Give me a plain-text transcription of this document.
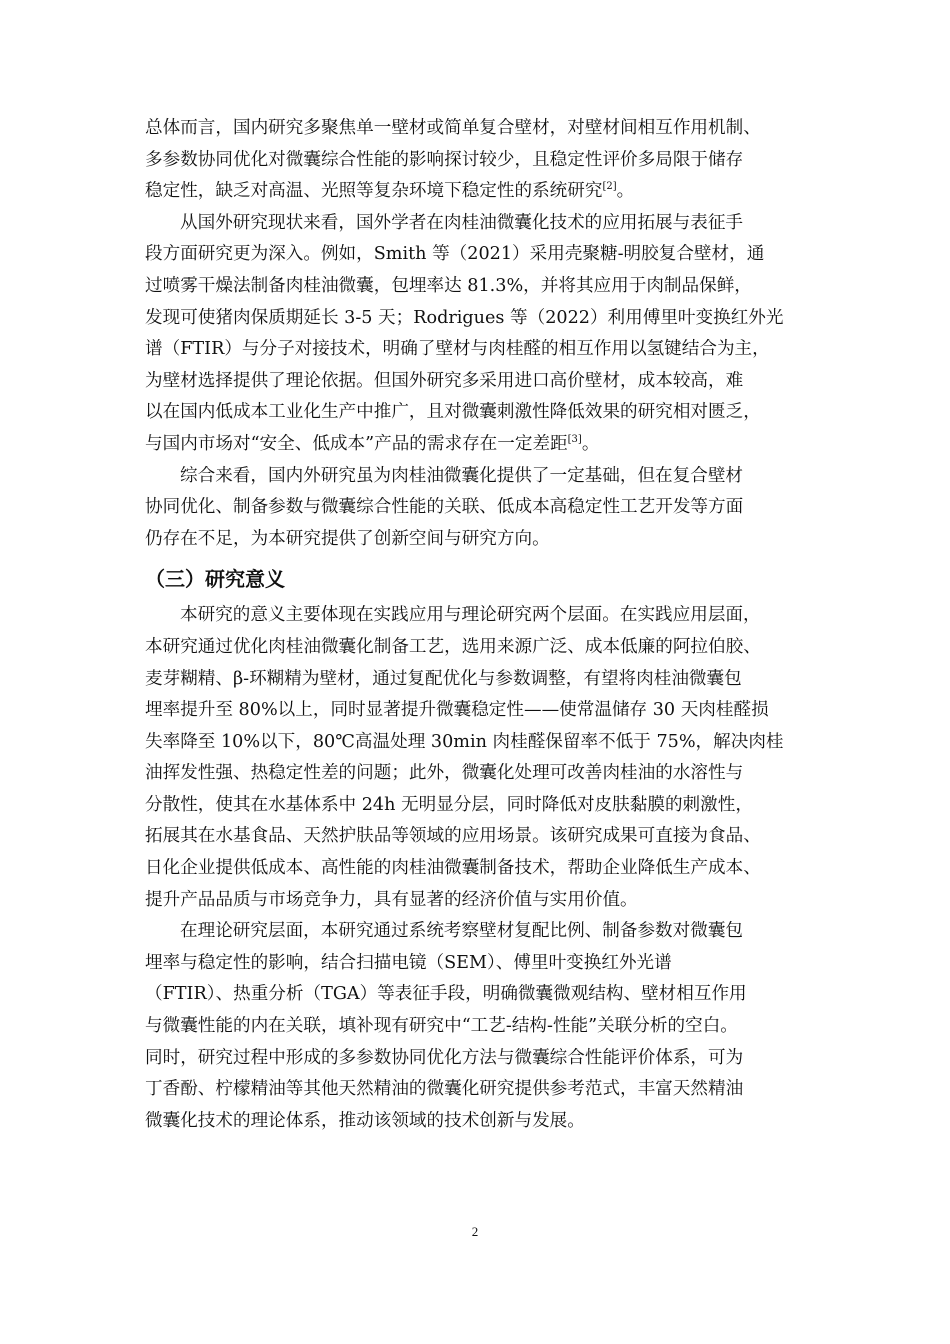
总体而言，国内研究多聚焦单一壁材或简单复合壁材，对壁材间相互作用机制、
多参数协同优化对微囊综合性能的影响探讨较少，且稳定性评价多局限于储存
稳定性，缺乏对高温、光照等复杂环境下稳定性的系统研究[2]。

从国外研究现状来看，国外学者在肉桂油微囊化技术的应用拓展与表征手
段方面研究更为深入。例如，Smith 等（2021）采用壳聚糖-明胶复合壁材，通
过喷雾干燥法制备肉桂油微囊，包埋率达 81.3%，并将其应用于肉制品保鲜，
发现可使猪肉保质期延长 3-5 天；Rodrigues 等（2022）利用傅里叶变换红外光
谱（FTIR）与分子对接技术，明确了壁材与肉桂醛的相互作用以氢键结合为主，
为壁材选择提供了理论依据。但国外研究多采用进口高价壁材，成本较高，难
以在国内低成本工业化生产中推广，且对微囊刺激性降低效果的研究相对匮乏，
与国内市场对“安全、低成本”产品的需求存在一定差距[3]。

综合来看，国内外研究虽为肉桂油微囊化提供了一定基础，但在复合壁材
协同优化、制备参数与微囊综合性能的关联、低成本高稳定性工艺开发等方面
仍存在不足，为本研究提供了创新空间与研究方向。

（三）研究意义

本研究的意义主要体现在实践应用与理论研究两个层面。在实践应用层面，
本研究通过优化肉桂油微囊化制备工艺，选用来源广泛、成本低廉的阿拉伯胶、
麦芽糊精、β-环糊精为壁材，通过复配优化与参数调整，有望将肉桂油微囊包
埋率提升至 80%以上，同时显著提升微囊稳定性——使常温储存 30 天肉桂醛损
失率降至 10%以下，80℃高温处理 30min 肉桂醛保留率不低于 75%，解决肉桂
油挥发性强、热稳定性差的问题；此外，微囊化处理可改善肉桂油的水溶性与
分散性，使其在水基体系中 24h 无明显分层，同时降低对皮肤黏膜的刺激性，
拓展其在水基食品、天然护肤品等领域的应用场景。该研究成果可直接为食品、
日化企业提供低成本、高性能的肉桂油微囊制备技术，帮助企业降低生产成本、
提升产品品质与市场竞争力，具有显著的经济价值与实用价值。

在理论研究层面，本研究通过系统考察壁材复配比例、制备参数对微囊包
埋率与稳定性的影响，结合扫描电镜（SEM）、傅里叶变换红外光谱
（FTIR）、热重分析（TGA）等表征手段，明确微囊微观结构、壁材相互作用
与微囊性能的内在关联，填补现有研究中“工艺-结构-性能”关联分析的空白。
同时，研究过程中形成的多参数协同优化方法与微囊综合性能评价体系，可为
丁香酚、柠檬精油等其他天然精油的微囊化研究提供参考范式，丰富天然精油
微囊化技术的理论体系，推动该领域的技术创新与发展。

2
